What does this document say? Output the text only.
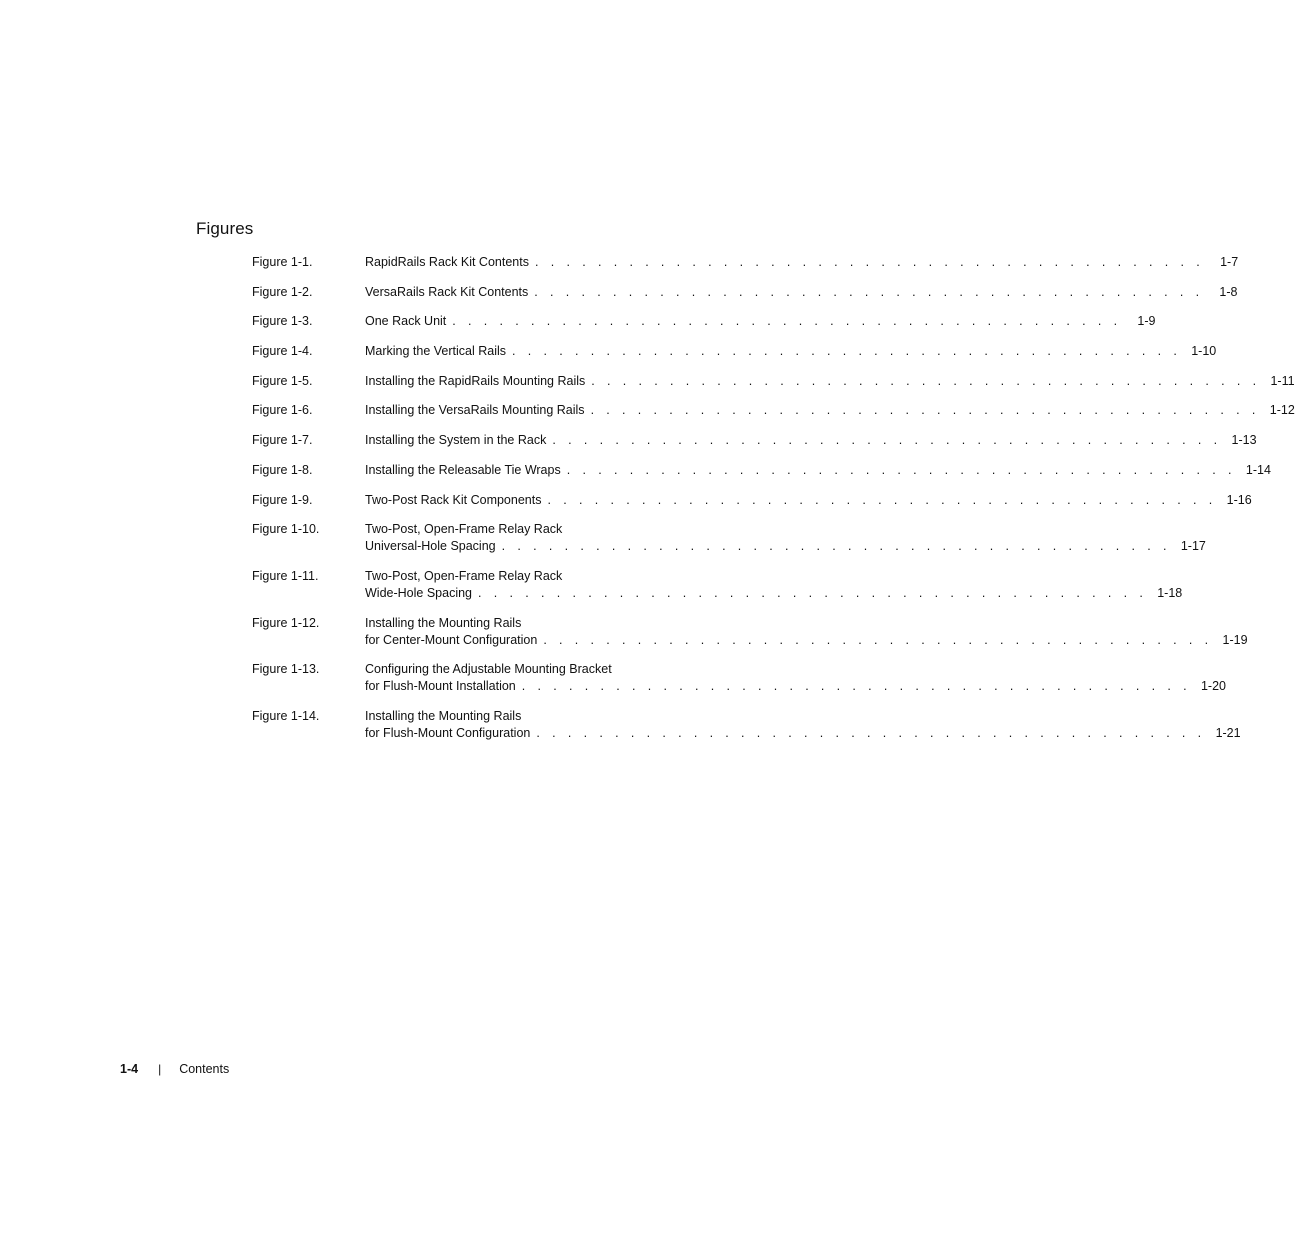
Figures
Figure 1-1.	RapidRails Rack Kit Contents . . . . . . . . . . . . . . . . . . . . . . . . . . . . . . . . . . . . . . . . . . .	1-7
Figure 1-2.	VersaRails Rack Kit Contents . . . . . . . . . . . . . . . . . . . . . . . . . . . . . . . . . . . . . . . . . . .	1-8
Figure 1-3.	One Rack Unit . . . . . . . . . . . . . . . . . . . . . . . . . . . . . . . . . . . . . . . . . . .	1-9
Figure 1-4.	Marking the Vertical Rails . . . . . . . . . . . . . . . . . . . . . . . . . . . . . . . . . . . . . . . . . . . 1-10
Figure 1-5.	Installing the RapidRails Mounting Rails . . . . . . . . . . . . . . . . . . . . . . . . . . . . . . . . . . . . . . . . . . . 1-11
Figure 1-6.	Installing the VersaRails Mounting Rails . . . . . . . . . . . . . . . . . . . . . . . . . . . . . . . . . . . . . . . . . . . 1-12
Figure 1-7.	Installing the System in the Rack . . . . . . . . . . . . . . . . . . . . . . . . . . . . . . . . . . . . . . . . . . . 1-13
Figure 1-8.	Installing the Releasable Tie Wraps . . . . . . . . . . . . . . . . . . . . . . . . . . . . . . . . . . . . . . . . . . . 1-14
Figure 1-9.	Two-Post Rack Kit Components . . . . . . . . . . . . . . . . . . . . . . . . . . . . . . . . . . . . . . . . . . . 1-16
Figure 1-10.	Two-Post, Open-Frame Relay Rack
Universal-Hole Spacing . . . . . . . . . . . . . . . . . . . . . . . . . . . . . . . . . . . . . . . . . . . 1-17
Figure 1-11.	Two-Post, Open-Frame Relay Rack
Wide-Hole Spacing . . . . . . . . . . . . . . . . . . . . . . . . . . . . . . . . . . . . . . . . . . . 1-18
Figure 1-12.	Installing the Mounting Rails
for Center-Mount Configuration . . . . . . . . . . . . . . . . . . . . . . . . . . . . . . . . . . . . . . . . . . . 1-19
Figure 1-13.	Configuring the Adjustable Mounting Bracket
for Flush-Mount Installation . . . . . . . . . . . . . . . . . . . . . . . . . . . . . . . . . . . . . . . . . . . 1-20
Figure 1-14.	Installing the Mounting Rails
for Flush-Mount Configuration . . . . . . . . . . . . . . . . . . . . . . . . . . . . . . . . . . . . . . . . . . . 1-21
1-4 | Contents
